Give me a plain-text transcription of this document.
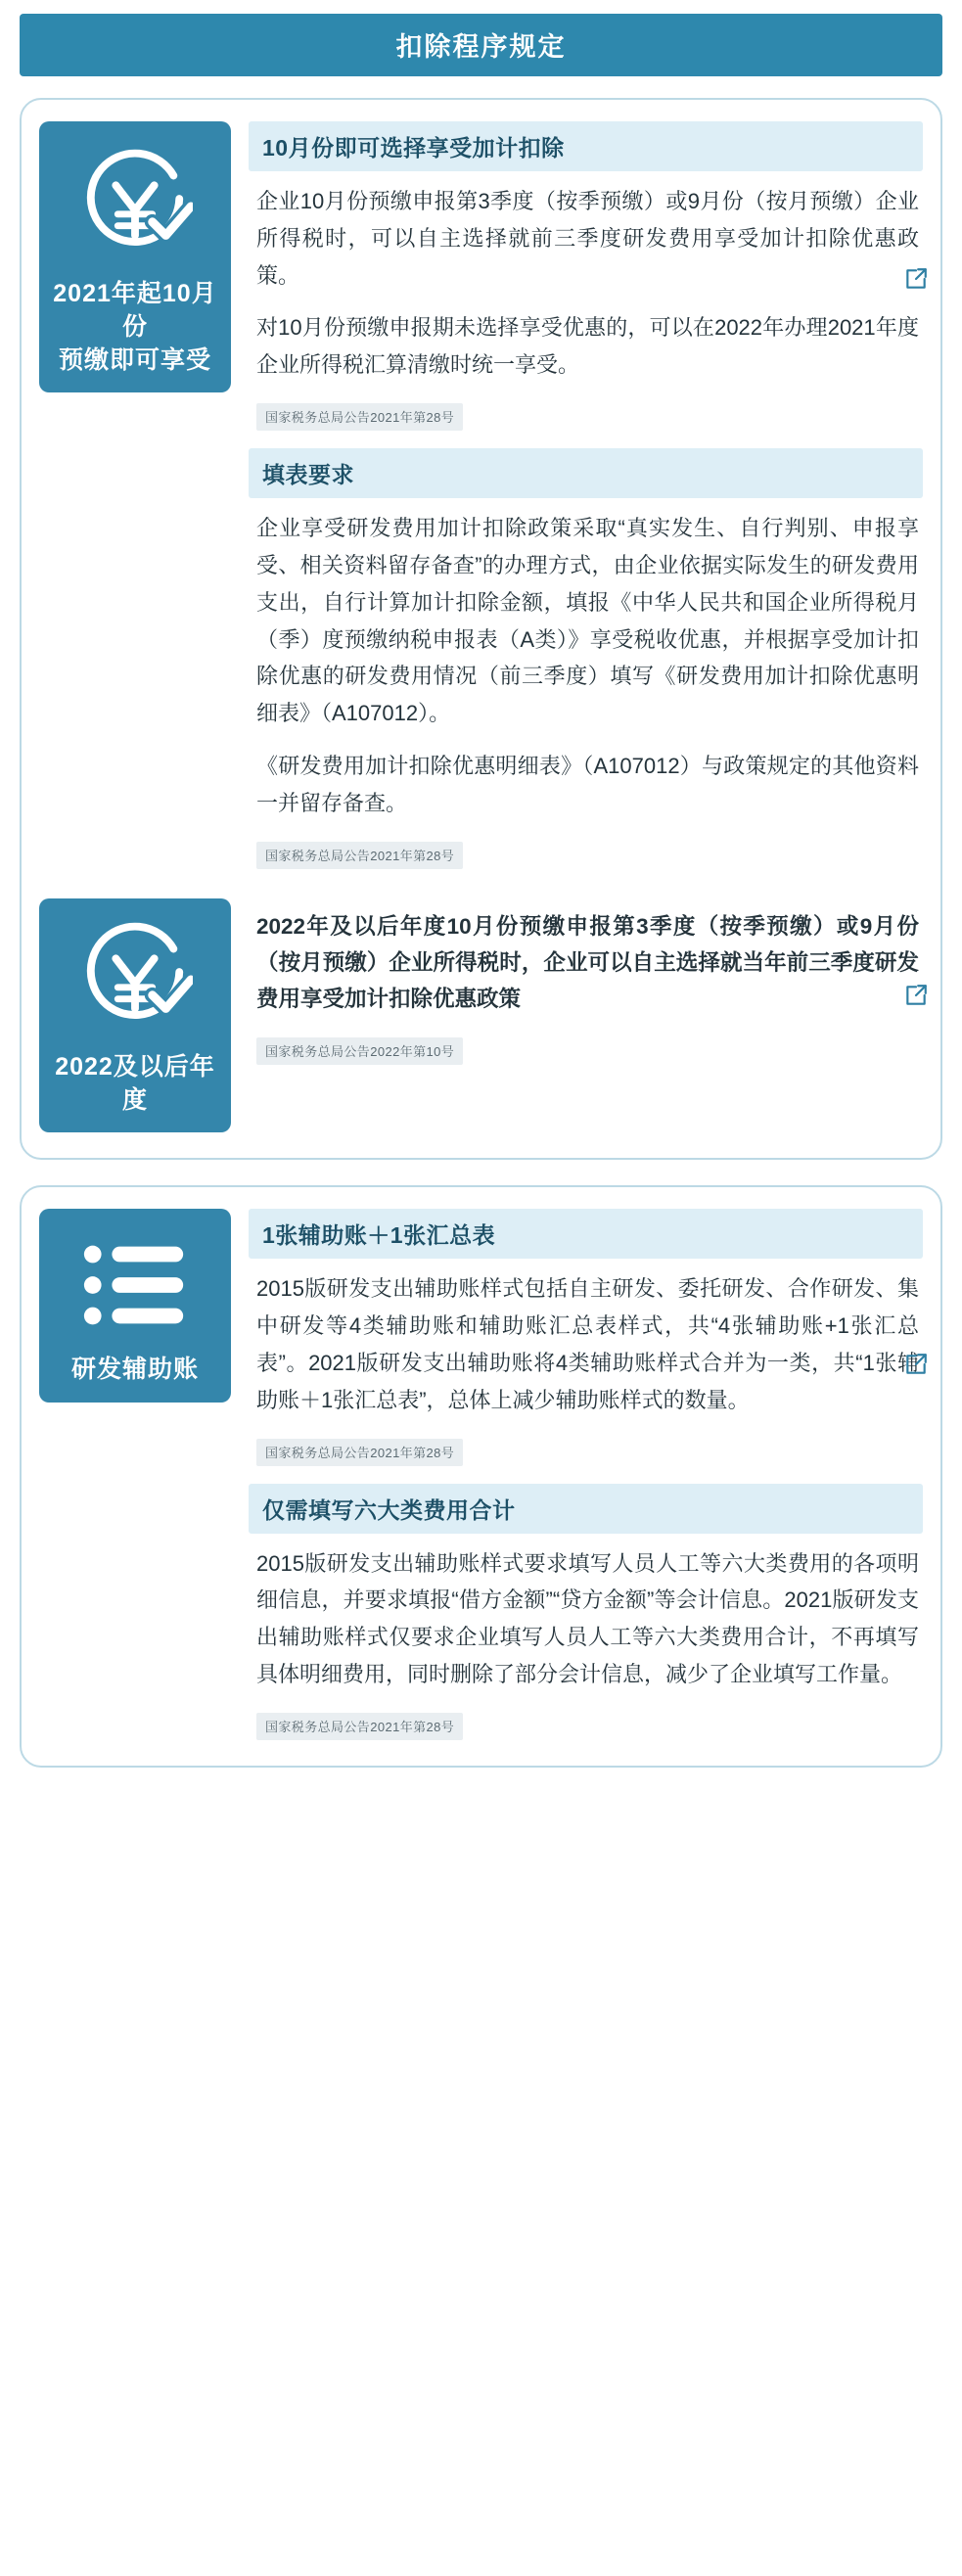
扣除程序规定
2021年起10月份
预缴即可享受
10月份即可选择享受加计扣除

企业10月份预缴申报第3季度（按季预缴）或9月份（按月预缴）企业所得税时，可以自主选择就前三季度研发费用享受加计扣除优惠政策。

对10月份预缴申报期未选择享受优惠的，可以在2022年办理2021年度企业所得税汇算清缴时统一享受。

国家税务总局公告2021年第28号
填表要求

企业享受研发费用加计扣除政策采取“真实发生、自行判别、申报享受、相关资料留存备查”的办理方式，由企业依据实际发生的研发费用支出，自行计算加计扣除金额，填报《中华人民共和国企业所得税月（季）度预缴纳税申报表（A类）》享受税收优惠，并根据享受加计扣除优惠的研发费用情况（前三季度）填写《研发费用加计扣除优惠明细表》（A107012）。

《研发费用加计扣除优惠明细表》（A107012）与政策规定的其他资料一并留存备查。

国家税务总局公告2021年第28号
2022及以后年度

2022年及以后年度10月份预缴申报第3季度（按季预缴）或9月份（按月预缴）企业所得税时，企业可以自主选择就当年前三季度研发费用享受加计扣除优惠政策

国家税务总局公告2022年第10号
研发辅助账
1张辅助账＋1张汇总表

2015版研发支出辅助账样式包括自主研发、委托研发、合作研发、集中研发等4类辅助账和辅助账汇总表样式，共“4张辅助账+1张汇总表”。2021版研发支出辅助账将4类辅助账样式合并为一类，共“1张辅助账＋1张汇总表”，总体上减少辅助账样式的数量。

国家税务总局公告2021年第28号
仅需填写六大类费用合计

2015版研发支出辅助账样式要求填写人员人工等六大类费用的各项明细信息，并要求填报“借方金额”“贷方金额”等会计信息。2021版研发支出辅助账样式仅要求企业填写人员人工等六大类费用合计，不再填写具体明细费用，同时删除了部分会计信息，减少了企业填写工作量。

国家税务总局公告2021年第28号
